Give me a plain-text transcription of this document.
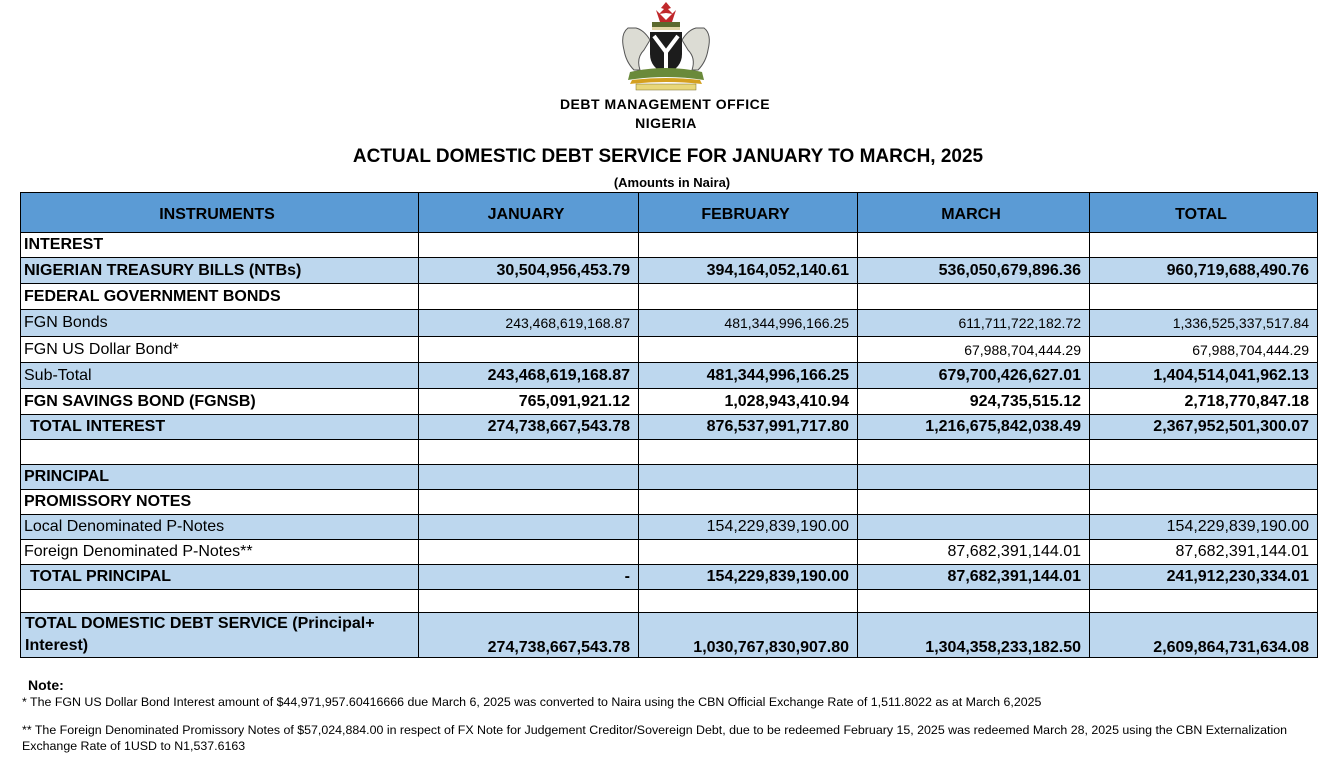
DEBT MANAGEMENT OFFICE
NIGERIA
ACTUAL DOMESTIC DEBT SERVICE FOR JANUARY TO MARCH, 2025
(Amounts in Naira)
INSTRUMENTS	JANUARY	FEBRUARY	MARCH	TOTAL
INTEREST				
NIGERIAN TREASURY BILLS (NTBs)	30,504,956,453.79	394,164,052,140.61	536,050,679,896.36	960,719,688,490.76
FEDERAL GOVERNMENT BONDS				
FGN Bonds	243,468,619,168.87	481,344,996,166.25	611,711,722,182.72	1,336,525,337,517.84
FGN US Dollar Bond*			67,988,704,444.29	67,988,704,444.29
Sub-Total	243,468,619,168.87	481,344,996,166.25	679,700,426,627.01	1,404,514,041,962.13
FGN SAVINGS BOND (FGNSB)	765,091,921.12	1,028,943,410.94	924,735,515.12	2,718,770,847.18
TOTAL INTEREST	274,738,667,543.78	876,537,991,717.80	1,216,675,842,038.49	2,367,952,501,300.07

PRINCIPAL				
PROMISSORY NOTES				
Local Denominated P-Notes		154,229,839,190.00		154,229,839,190.00
Foreign Denominated P-Notes**			87,682,391,144.01	87,682,391,144.01
TOTAL PRINCIPAL	-	154,229,839,190.00	87,682,391,144.01	241,912,230,334.01

TOTAL DOMESTIC DEBT SERVICE (Principal+ Interest)	274,738,667,543.78	1,030,767,830,907.80	1,304,358,233,182.50	2,609,864,731,634.08
Note:
* The FGN US Dollar Bond Interest amount of $44,971,957.60416666 due March 6, 2025 was converted to Naira using the CBN Official Exchange Rate of 1,511.8022 as at March 6,2025
** The Foreign Denominated Promissory Notes of $57,024,884.00 in respect of FX Note for Judgement Creditor/Sovereign Debt, due to be redeemed February 15, 2025 was redeemed March 28, 2025 using the CBN Externalization Exchange Rate of 1USD to N1,537.6163
